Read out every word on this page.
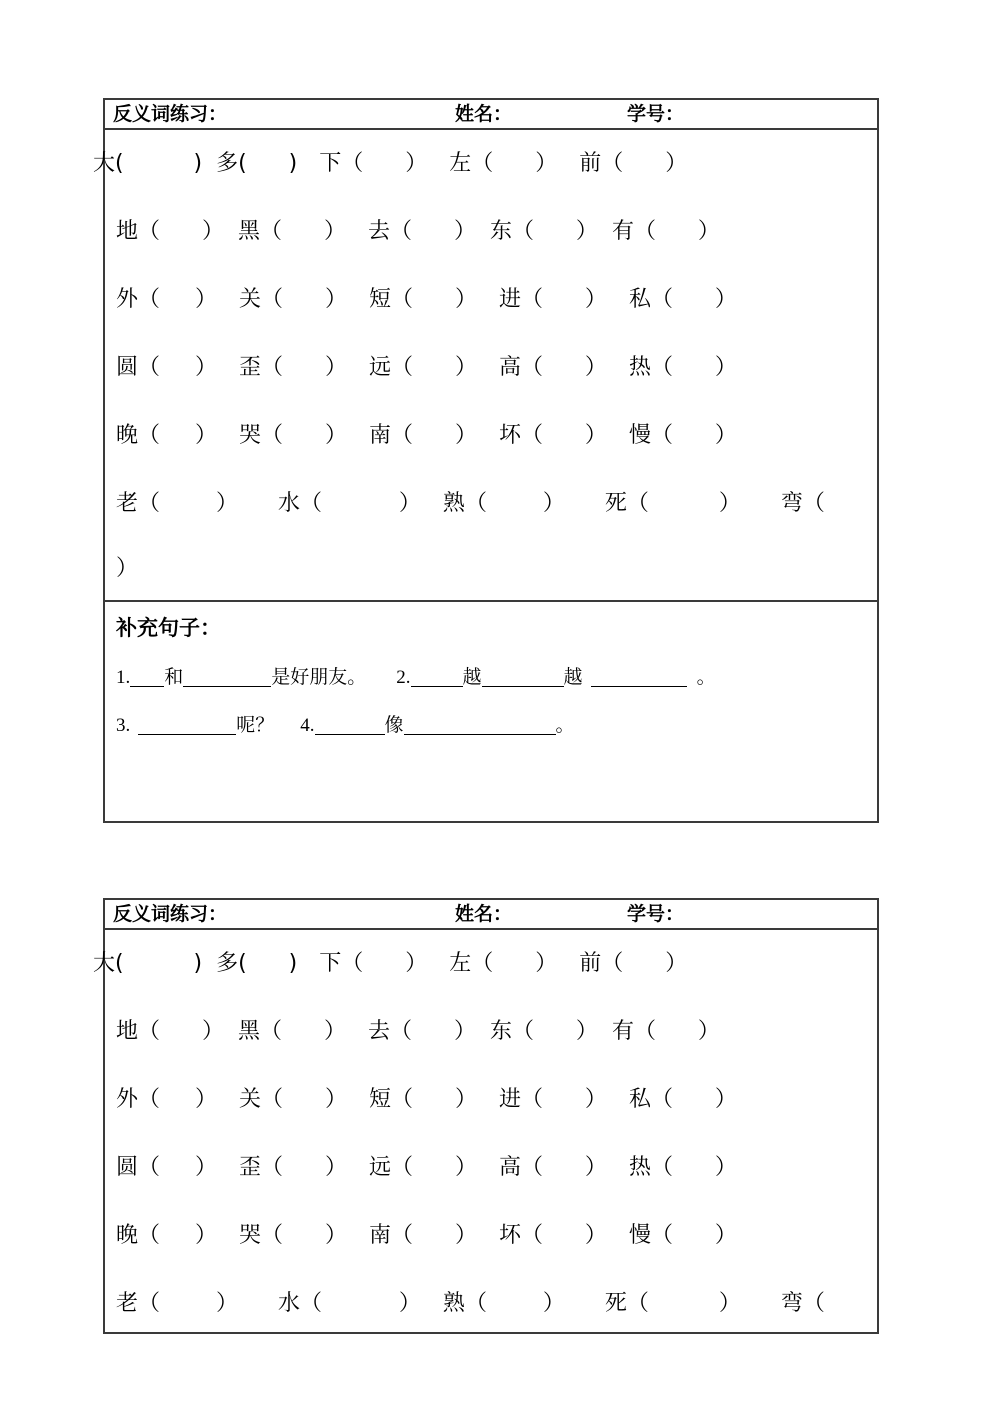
反义词练习：	姓名：	学号：
大(          ) 多(      ) 下（      ） 左（      ） 前（      ）
地（      ） 黑（      ） 去（      ） 东（      ） 有（      ）
外（     ） 关（      ） 短（      ） 进（      ） 私（      ）
圆（     ） 歪（      ） 远（      ） 高（      ） 热（      ）
晚（     ） 哭（      ） 南（      ） 坏（      ） 慢（      ）
老（        ） 水（           ） 熟（        ） 死（          ） 弯（
）
补充句子：
1. 和	是好朋友。 2.	越	越	。
3.	呢？ 4.	像	。
反义词练习：	姓名：	学号：
大(          ) 多(      ) 下（      ） 左（      ） 前（      ）
地（      ） 黑（      ） 去（      ） 东（      ） 有（      ）
外（     ） 关（      ） 短（      ） 进（      ） 私（      ）
圆（     ） 歪（      ） 远（      ） 高（      ） 热（      ）
晚（     ） 哭（      ） 南（      ） 坏（      ） 慢（      ）
老（        ） 水（           ） 熟（        ） 死（          ） 弯（
